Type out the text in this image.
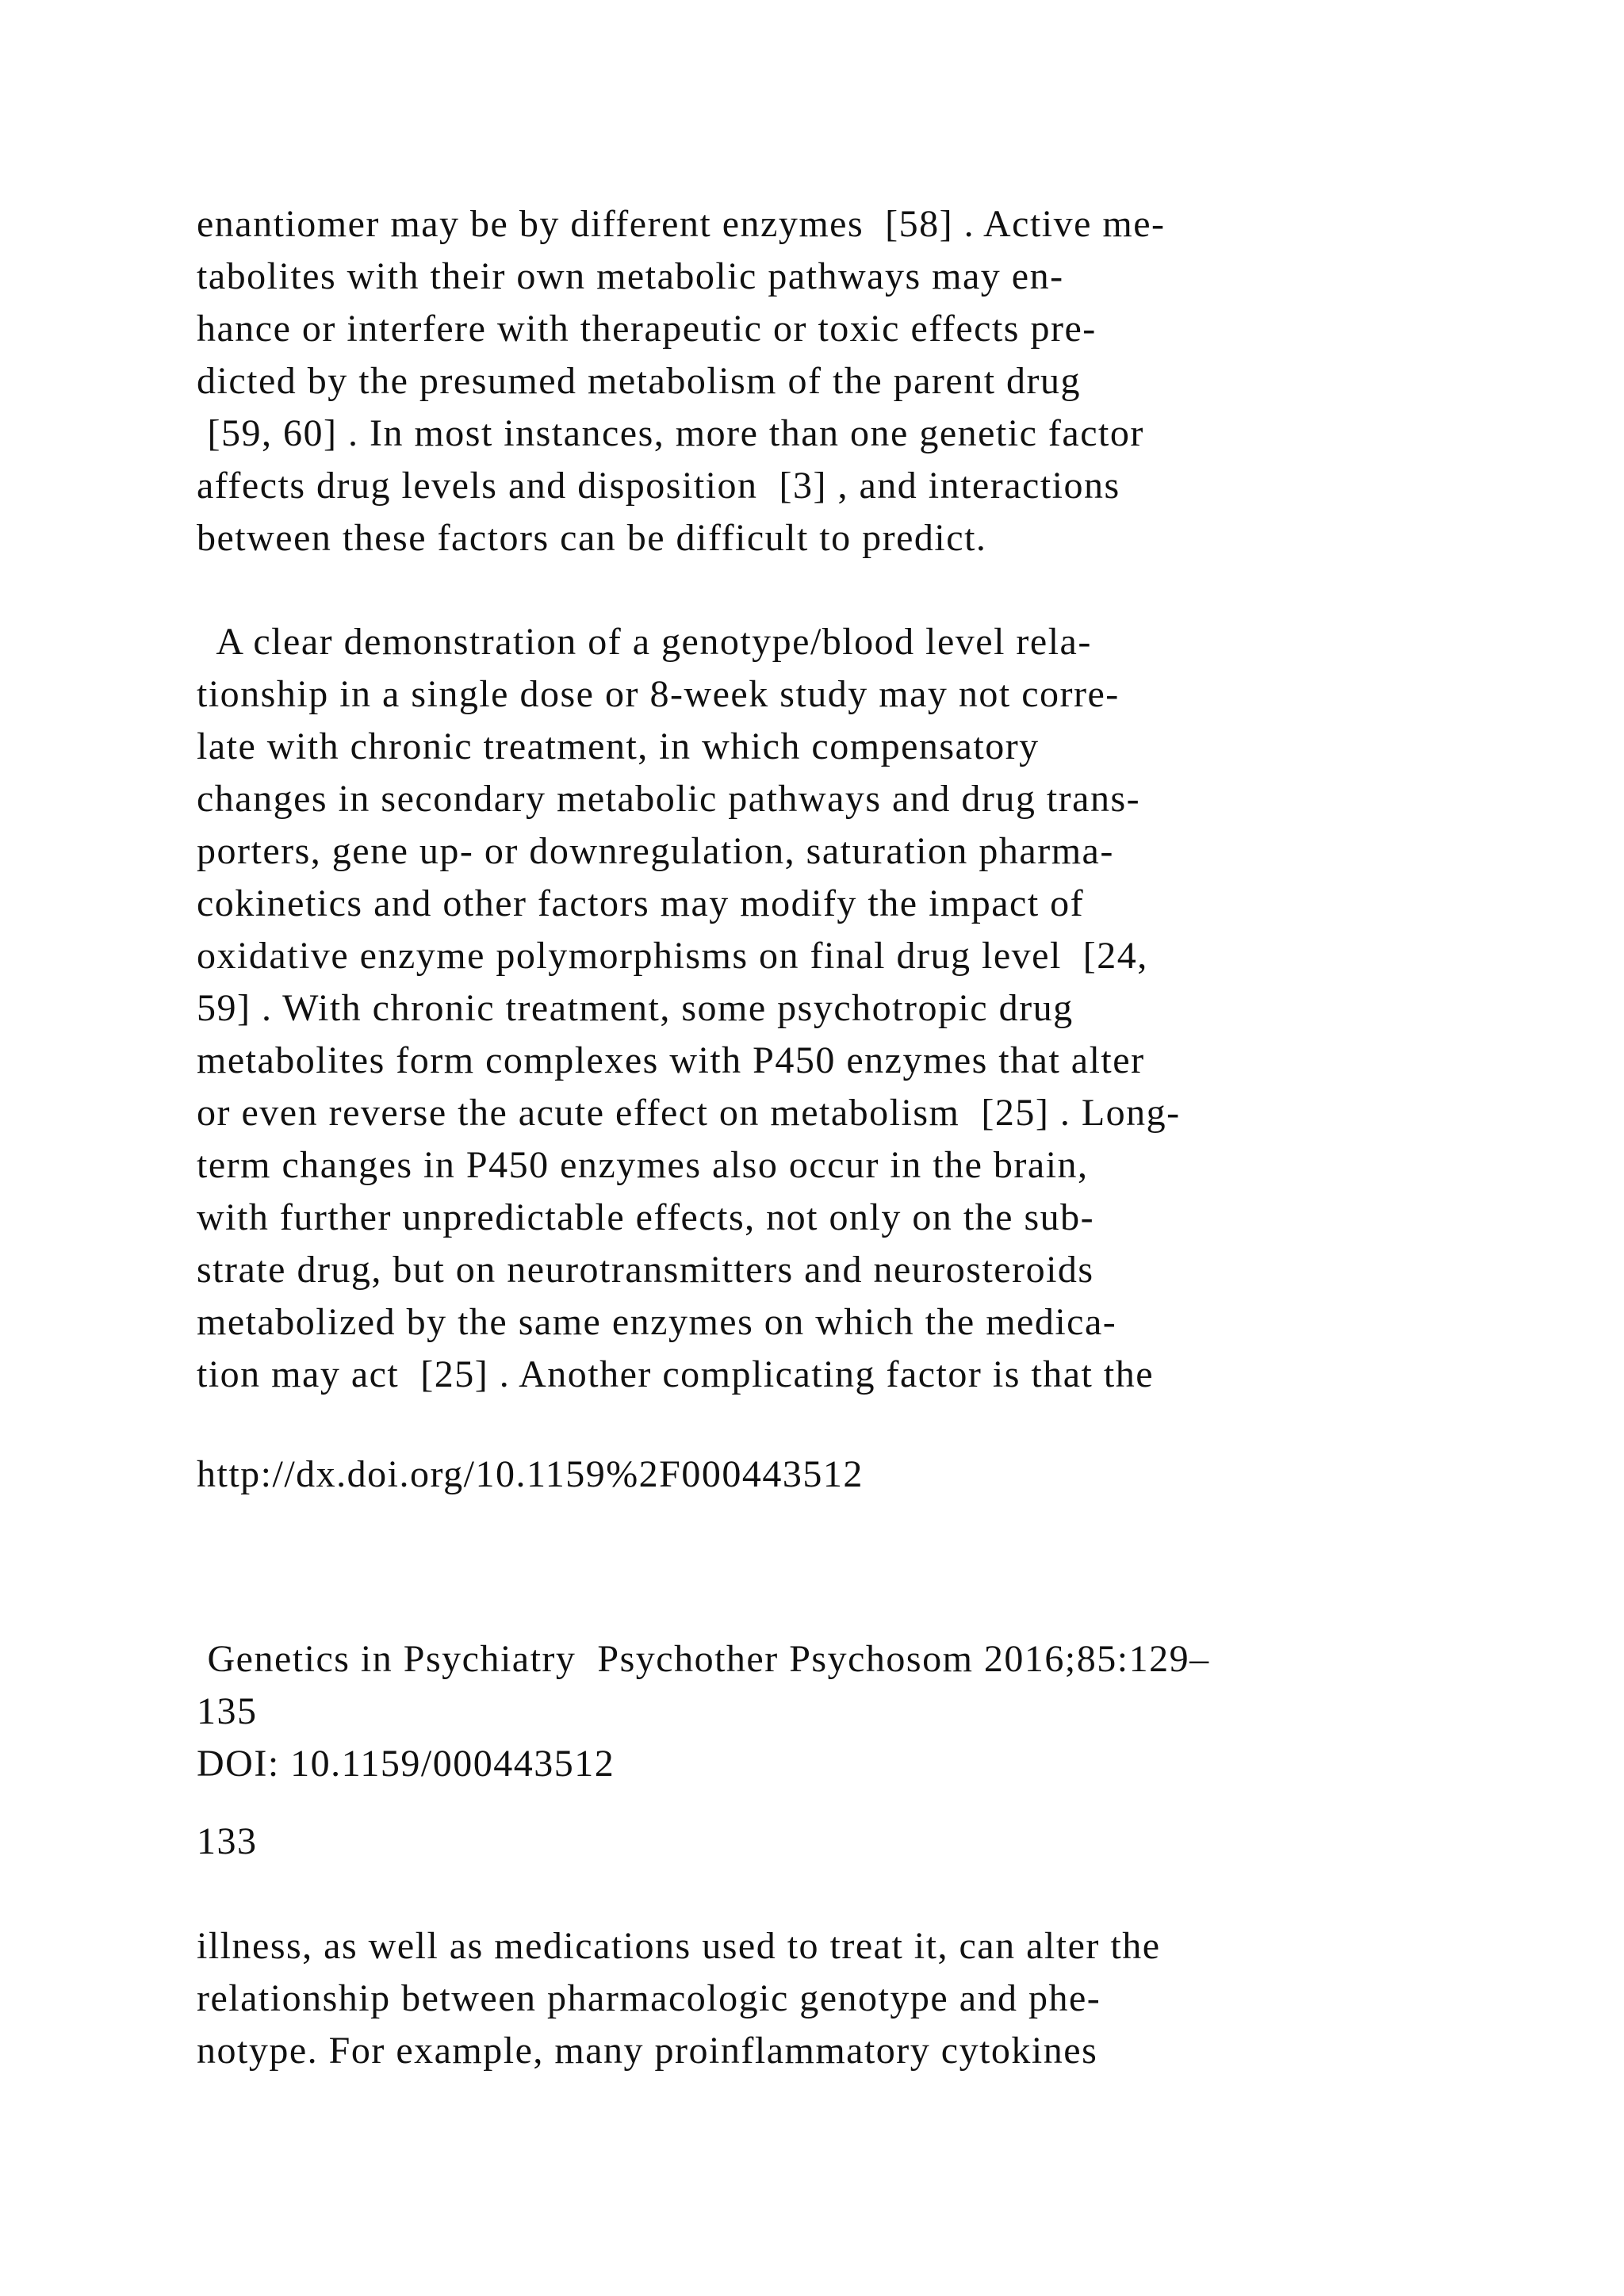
enantiomer may be by different enzymes  [58] . Active me-
tabolites with their own metabolic pathways may en-
hance or interfere with therapeutic or toxic effects pre-
dicted by the presumed metabolism of the parent drug
[59, 60] . In most instances, more than one genetic factor
affects drug levels and disposition  [3] , and interactions
between these factors can be difficult to predict.
A clear demonstration of a genotype/blood level rela-
tionship in a single dose or 8-week study may not corre-
late with chronic treatment, in which compensatory
changes in secondary metabolic pathways and drug trans-
porters, gene up- or downregulation, saturation pharma-
cokinetics and other factors may modify the impact of
oxidative enzyme polymorphisms on final drug level  [24,
59] . With chronic treatment, some psychotropic drug
metabolites form complexes with P450 enzymes that alter
or even reverse the acute effect on metabolism  [25] . Long-
term changes in P450 enzymes also occur in the brain,
with further unpredictable effects, not only on the sub-
strate drug, but on neurotransmitters and neurosteroids
metabolized by the same enzymes on which the medica-
tion may act  [25] . Another complicating factor is that the
http://dx.doi.org/10.1159%2F000443512
Genetics in Psychiatry  Psychother Psychosom 2016;85:129–
135
DOI: 10.1159/000443512
133
illness, as well as medications used to treat it, can alter the
relationship between pharmacologic genotype and phe-
notype. For example, many proinflammatory cytokines
